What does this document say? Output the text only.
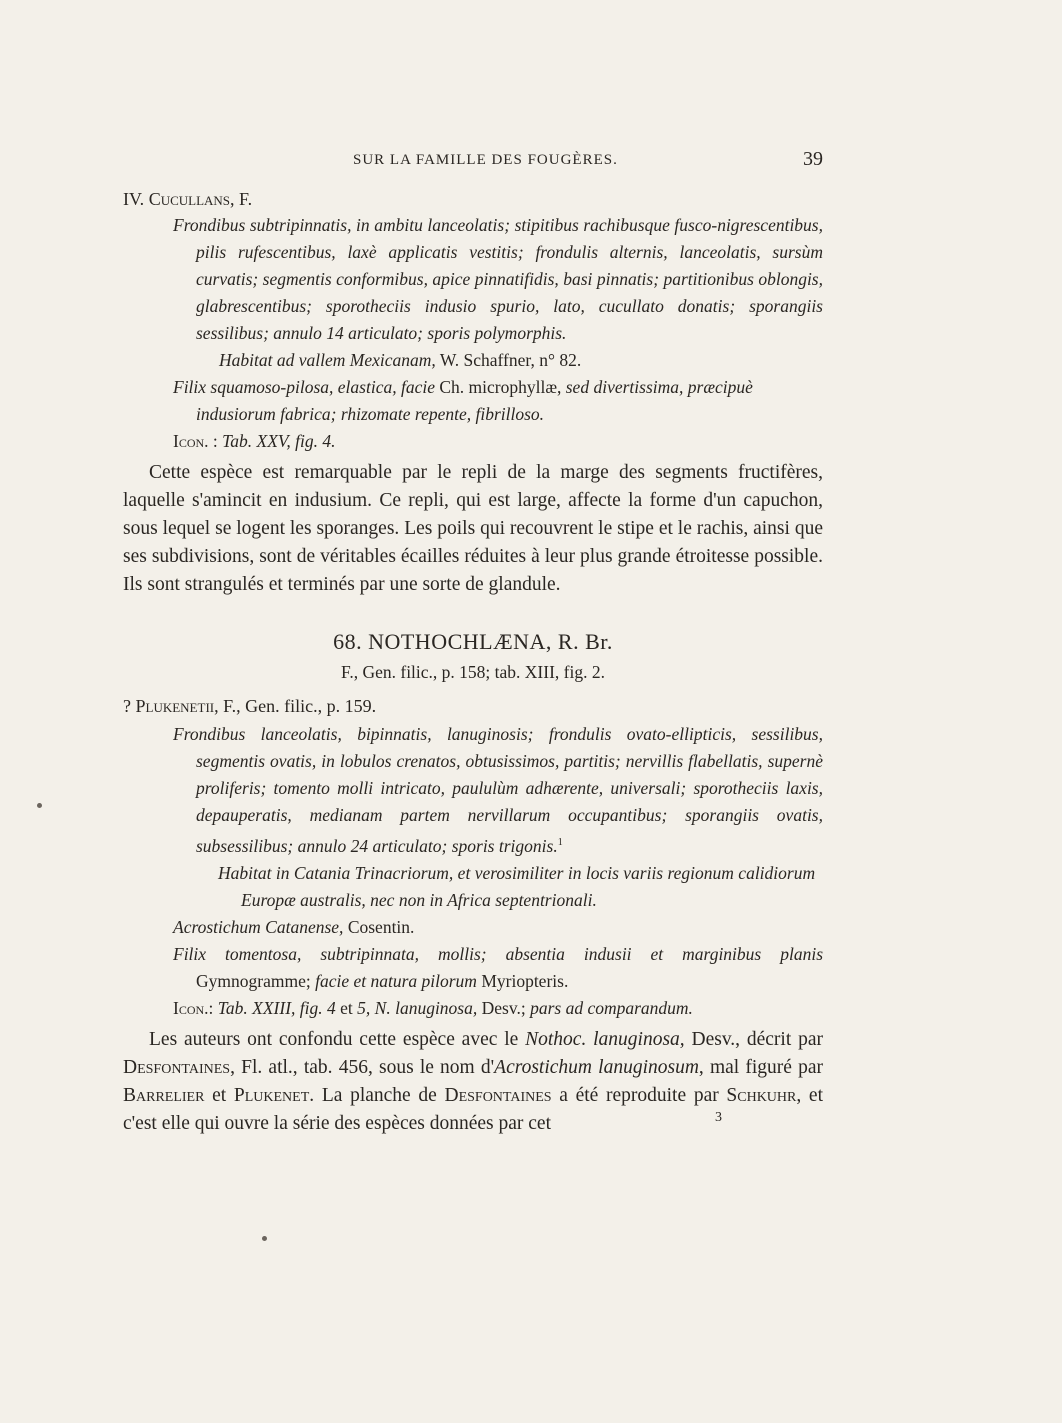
SUR LA FAMILLE DES FOUGÈRES.	39
IV. Cucullans, F.

Frondibus subtripinnatis, in ambitu lanceolatis; stipitibus rachibusque fusco-nigrescentibus, pilis rufescentibus, laxè applicatis vestitis; frondulis alternis, lanceolatis, sursùm curvatis; segmentis conformibus, apice pinnatifidis, basi pinnatis; partitionibus oblongis, glabrescentibus; sporotheciis indusio spurio, lato, cucullato donatis; sporangiis sessilibus; annulo 14 articulato; sporis polymorphis.

Habitat ad vallem Mexicanam, W. Schaffner, n° 82.

Filix squamoso-pilosa, elastica, facie Ch. microphyllæ, sed divertissima, præcipuè indusiorum fabrica; rhizomate repente, fibrilloso.

Icon. : Tab. XXV, fig. 4.

Cette espèce est remarquable par le repli de la marge des segments fructifères, laquelle s'amincit en indusium. Ce repli, qui est large, affecte la forme d'un capuchon, sous lequel se logent les sporanges. Les poils qui recouvrent le stipe et le rachis, ainsi que ses subdivisions, sont de véritables écailles réduites à leur plus grande étroitesse possible. Ils sont strangulés et terminés par une sorte de glandule.

68. NOTHOCHLÆNA, R. Br.
F., Gen. filic., p. 158; tab. XIII, fig. 2.
? Plukenetii, F., Gen. filic., p. 159.

Frondibus lanceolatis, bipinnatis, lanuginosis; frondulis ovato-ellipticis, sessilibus, segmentis ovatis, in lobulos crenatos, obtusissimos, partitis; nervillis flabellatis, supernè proliferis; tomento molli intricato, paululùm adhærente, universali; sporotheciis laxis, depauperatis, medianam partem nervillarum occupantibus; sporangiis ovatis, subsessilibus; annulo 24 articulato; sporis trigonis.$^1$

Habitat in Catania Trinacriorum, et verosimiliter in locis variis regionum calidiorum Europæ australis, nec non in Africa septentrionali.

Acrostichum Catanense, Cosentin.

Filix tomentosa, subtripinnata, mollis; absentia indusii et marginibus planis Gymnogramme; facie et natura pilorum Myriopteris.

Icon.: Tab. XXIII, fig. 4 et 5, N. lanuginosa, Desv.; pars ad comparandum.

Les auteurs ont confondu cette espèce avec le Nothoc. lanuginosa, Desv., décrit par Desfontaines, Fl. atl., tab. 456, sous le nom d'Acrostichum lanuginosum, mal figuré par Barrelier et Plukenet. La planche de Desfontaines a été reproduite par Schkuhr, et c'est elle qui ouvre la série des espèces données par cet	3
